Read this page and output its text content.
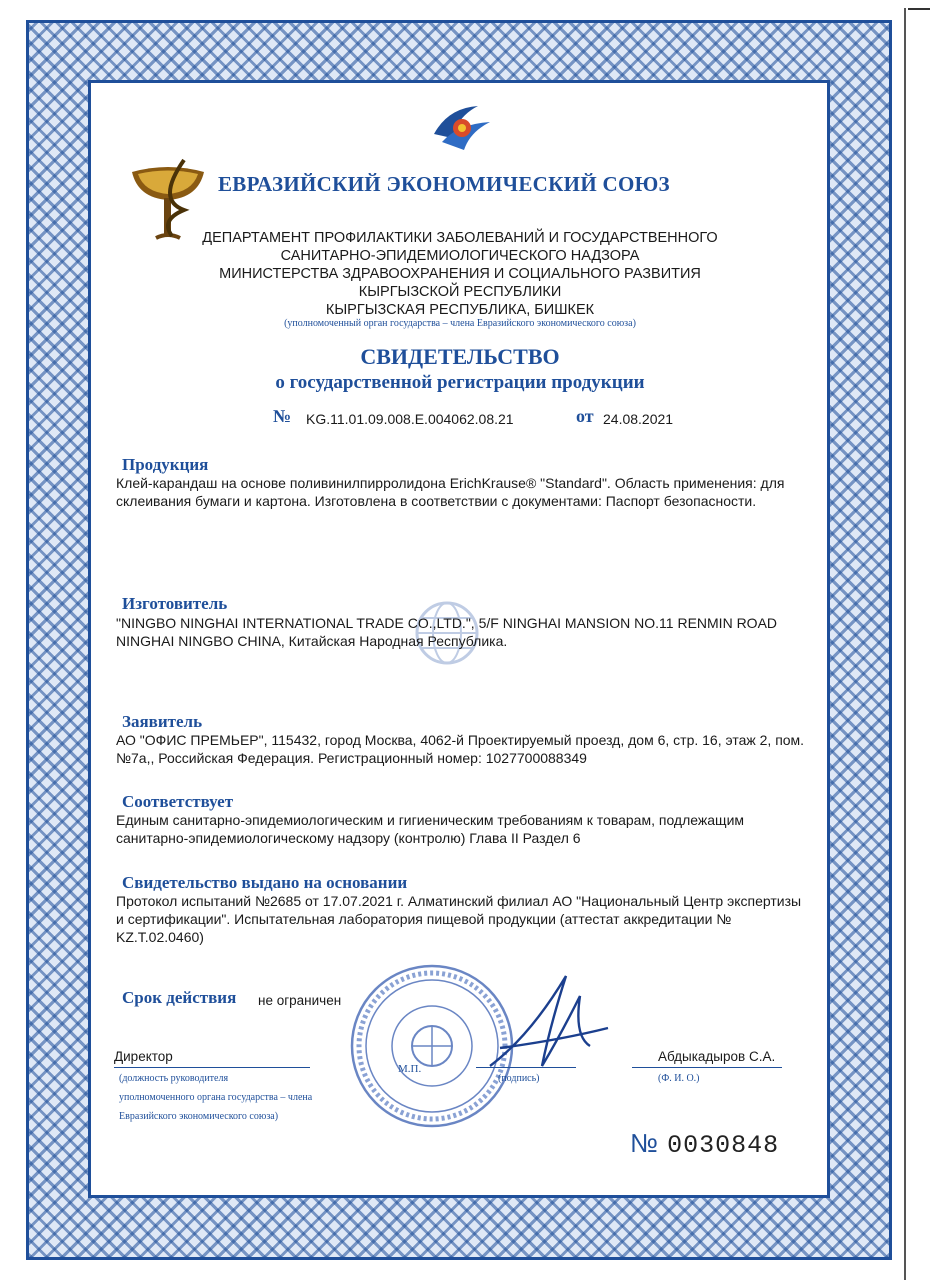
ЕВРАЗИЙСКИЙ ЭКОНОМИЧЕСКИЙ СОЮЗ
ДЕПАРТАМЕНТ ПРОФИЛАКТИКИ ЗАБОЛЕВАНИЙ И ГОСУДАРСТВЕННОГО
САНИТАРНО-ЭПИДЕМИОЛОГИЧЕСКОГО НАДЗОРА
МИНИСТЕРСТВА ЗДРАВООХРАНЕНИЯ И СОЦИАЛЬНОГО РАЗВИТИЯ
КЫРГЫЗСКОЙ РЕСПУБЛИКИ
КЫРГЫЗСКАЯ РЕСПУБЛИКА, БИШКЕК
(уполномоченный орган государства – члена Евразийского экономического союза)
СВИДЕТЕЛЬСТВО
о государственной регистрации продукции
№ KG.11.01.09.008.E.004062.08.21	от 24.08.2021
Продукция
Клей-карандаш на основе поливинилпирролидона ErichKrause® "Standard". Область применения: для склеивания бумаги и картона. Изготовлена в соответствии с документами: Паспорт безопасности.
Изготовитель
"NINGBO NINGHAI INTERNATIONAL TRADE CO.,LTD.", 5/F NINGHAI MANSION NO.11 RENMIN ROAD NINGHAI NINGBO CHINA, Китайская Народная Республика.
Заявитель
АО "ОФИС ПРЕМЬЕР", 115432, город Москва, 4062-й Проектируемый проезд, дом 6, стр. 16, этаж 2, пом. №7а,, Российская Федерация. Регистрационный номер: 1027700088349
Соответствует
Единым санитарно-эпидемиологическим и гигиеническим требованиям к товарам, подлежащим санитарно-эпидемиологическому надзору (контролю) Глава II Раздел 6
Свидетельство выдано на основании
Протокол испытаний №2685 от 17.07.2021 г. Алматинский филиал АО "Национальный Центр экспертизы и сертификации". Испытательная лаборатория пищевой продукции (аттестат аккредитации № KZ.T.02.0460)
Срок действия не ограничен
Директор
(должность руководителя
уполномоченного органа государства – члена
Евразийского экономического союза)
М.П.
(подпись)
Абдыкадыров С.А.
(Ф. И. О.)
№ 0030848
